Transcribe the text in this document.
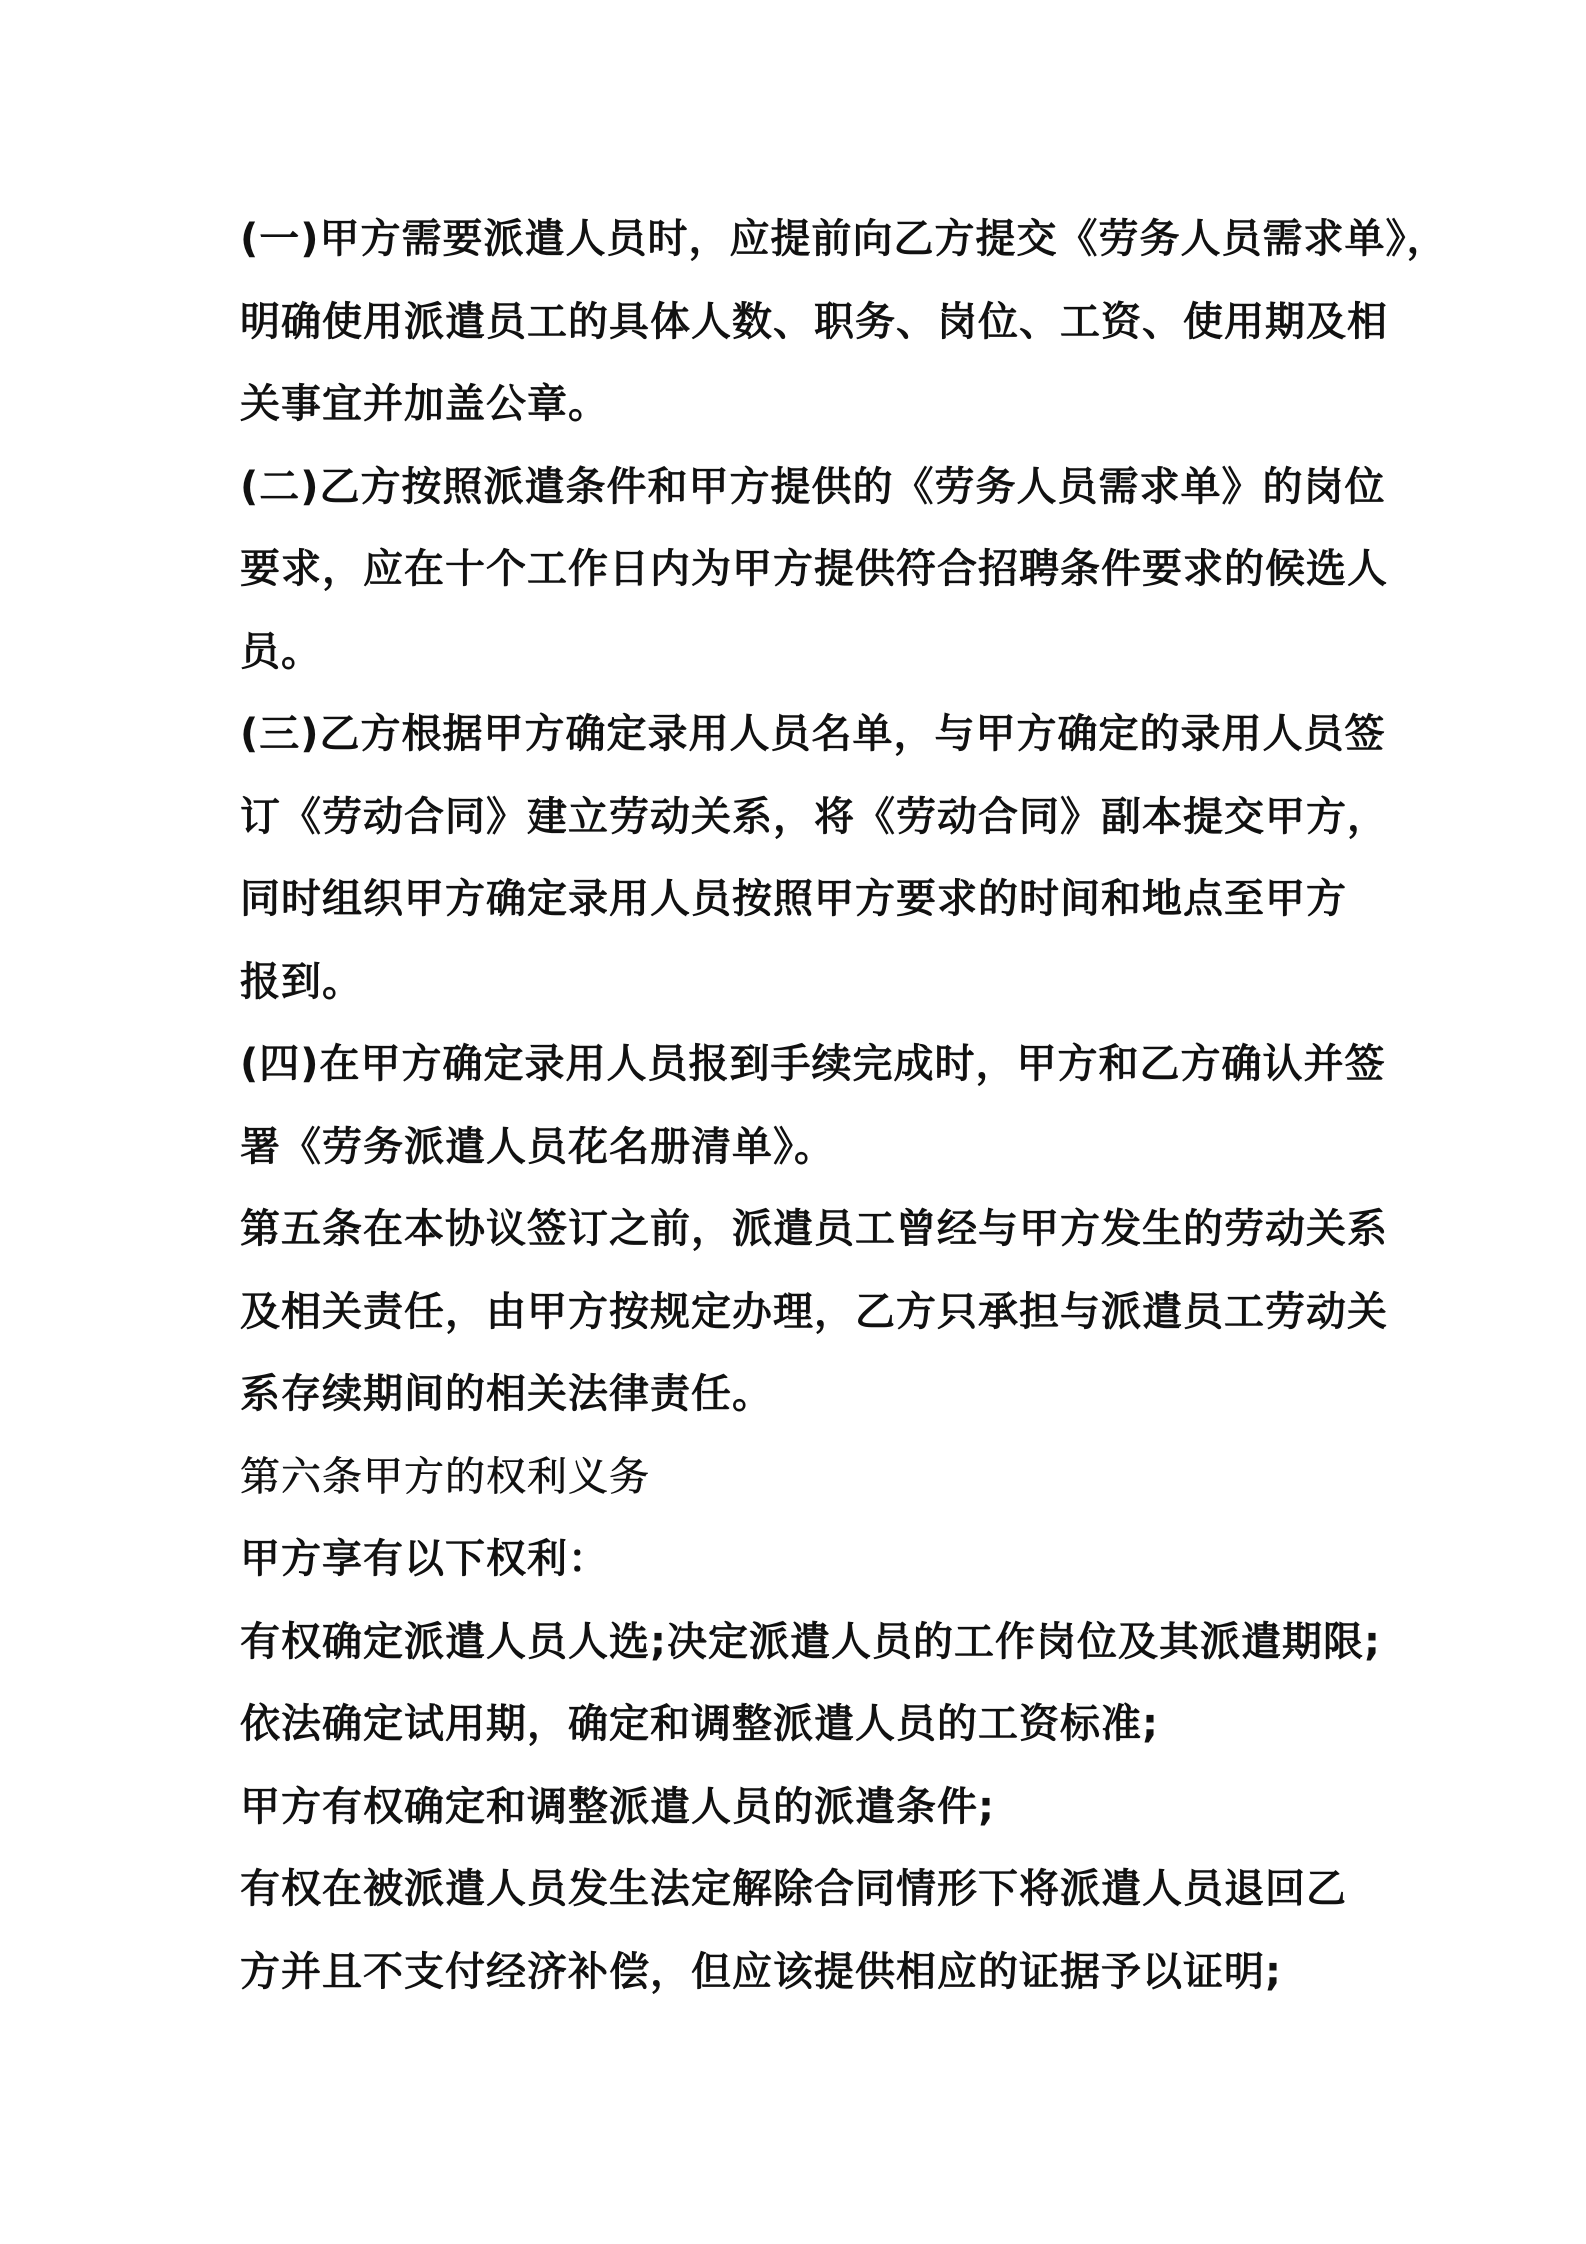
(一)甲方需要派遣人员时，应提前向乙方提交《劳务人员需求单》，
明确使用派遣员工的具体人数、职务、岗位、工资、使用期及相
关事宜并加盖公章。
(二)乙方按照派遣条件和甲方提供的《劳务人员需求单》的岗位
要求，应在十个工作日内为甲方提供符合招聘条件要求的候选人
员。
(三)乙方根据甲方确定录用人员名单，与甲方确定的录用人员签
订《劳动合同》建立劳动关系，将《劳动合同》副本提交甲方，
同时组织甲方确定录用人员按照甲方要求的时间和地点至甲方
报到。
(四)在甲方确定录用人员报到手续完成时，甲方和乙方确认并签
署《劳务派遣人员花名册清单》。
第五条在本协议签订之前，派遣员工曾经与甲方发生的劳动关系
及相关责任，由甲方按规定办理，乙方只承担与派遣员工劳动关
系存续期间的相关法律责任。
第六条甲方的权利义务
甲方享有以下权利：
有权确定派遣人员人选;决定派遣人员的工作岗位及其派遣期限;
依法确定试用期，确定和调整派遣人员的工资标准;
甲方有权确定和调整派遣人员的派遣条件;
有权在被派遣人员发生法定解除合同情形下将派遣人员退回乙
方并且不支付经济补偿，但应该提供相应的证据予以证明;
